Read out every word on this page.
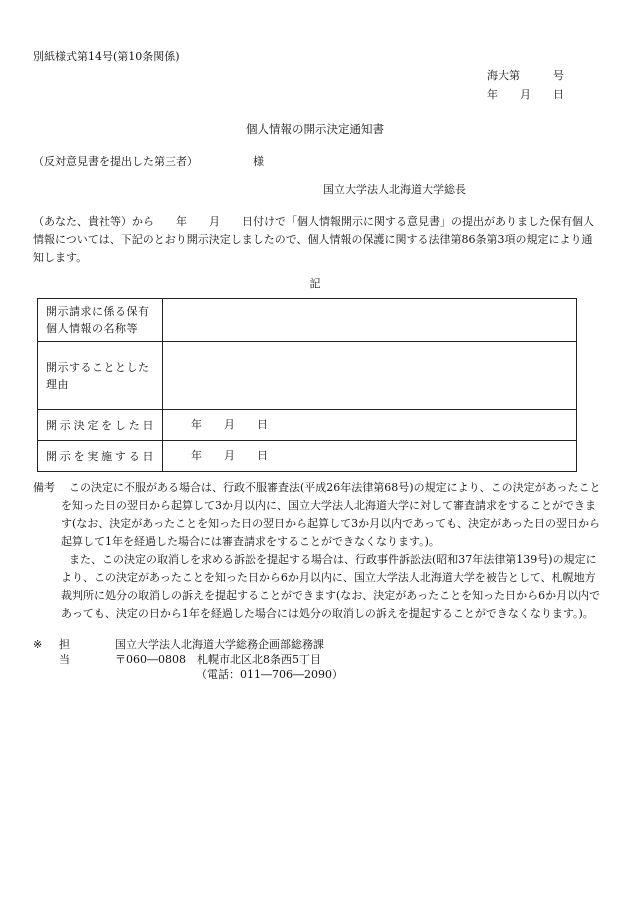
別紙様式第14号(第10条関係)
海大第　　　号
年　　月　　日
個人情報の開示決定通知書
（反対意見書を提出した第三者）	様
国立大学法人北海道大学総長
（あなた、貴社等）から　　年　　月　　日付けで「個人情報開示に関する意見書」の提出がありました保有個人情報については、下記のとおり開示決定しましたので、個人情報の保護に関する法律第86条第3項の規定により通知します。
記
開示請求に係る保有個人情報の名称等	
開示することとした理由	
開示決定をした日	年　　月　　日
開示を実施する日	年　　月　　日
備考	この決定に不服がある場合は、行政不服審査法(平成26年法律第68号)の規定により、この決定があったことを知った日の翌日から起算して3か月以内に、国立大学法人北海道大学に対して審査請求をすることができます(なお、決定があったことを知った日の翌日から起算して3か月以内であっても、決定があった日の翌日から起算して1年を経過した場合には審査請求をすることができなくなります。)。
また、この決定の取消しを求める訴訟を提起する場合は、行政事件訴訟法(昭和37年法律第139号)の規定により、この決定があったことを知った日から6か月以内に、国立大学法人北海道大学を被告として、札幌地方裁判所に処分の取消しの訴えを提起することができます(なお、決定があったことを知った日から6か月以内であっても、決定の日から1年を経過した場合には処分の取消しの訴えを提起することができなくなります。)。
※ 担　当
国立大学法人北海道大学総務企画部総務課
〒060―0808　札幌市北区北8条西5丁目
（電話：011―706―2090）
